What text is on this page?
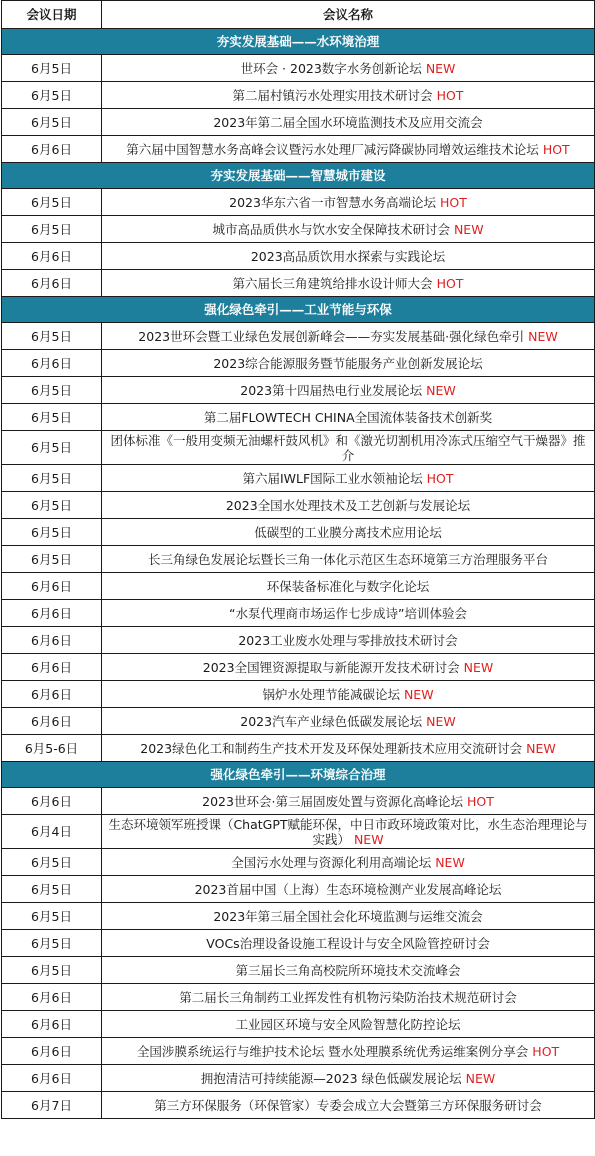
会议日期	会议名称
夯实发展基础——水环境治理	
6月5日	世环会 · 2023数字水务创新论坛 NEW
6月5日	第二届村镇污水处理实用技术研讨会 HOT
6月5日	2023年第二届全国水环境监测技术及应用交流会
6月6日	第六届中国智慧水务高峰会议暨污水处理厂减污降碳协同增效运维技术论坛 HOT
夯实发展基础——智慧城市建设	
6月5日	2023华东六省一市智慧水务高端论坛 HOT
6月5日	城市高品质供水与饮水安全保障技术研讨会 NEW
6月6日	2023高品质饮用水探索与实践论坛
6月6日	第六届长三角建筑给排水设计师大会 HOT
强化绿色牵引——工业节能与环保	
6月5日	2023世环会暨工业绿色发展创新峰会——夯实发展基础·强化绿色牵引 NEW
6月6日	2023综合能源服务暨节能服务产业创新发展论坛
6月5日	2023第十四届热电行业发展论坛 NEW
6月5日	第二届FLOWTECH CHINA全国流体装备技术创新奖
6月5日	团体标准《一般用变频无油螺杆鼓风机》和《激光切割机用冷冻式压缩空气干燥器》推介
6月5日	第六届IWLF国际工业水领袖论坛 HOT
6月5日	2023全国水处理技术及工艺创新与发展论坛
6月5日	低碳型的工业膜分离技术应用论坛
6月5日	长三角绿色发展论坛暨长三角一体化示范区生态环境第三方治理服务平台
6月6日	环保装备标准化与数字化论坛
6月6日	“水泵代理商市场运作七步成诗”培训体验会
6月6日	2023工业废水处理与零排放技术研讨会
6月6日	2023全国锂资源提取与新能源开发技术研讨会 NEW
6月6日	锅炉水处理节能减碳论坛 NEW
6月6日	2023汽车产业绿色低碳发展论坛 NEW
6月5-6日	2023绿色化工和制药生产技术开发及环保处理新技术应用交流研讨会 NEW
强化绿色牵引——环境综合治理	
6月6日	2023世环会·第三届固废处置与资源化高峰论坛 HOT
6月4日	生态环境领军班授课（ChatGPT赋能环保，中日市政环境政策对比，水生态治理理论与实践） NEW
6月5日	全国污水处理与资源化利用高端论坛 NEW
6月5日	2023首届中国（上海）生态环境检测产业发展高峰论坛
6月5日	2023年第三届全国社会化环境监测与运维交流会
6月5日	VOCs治理设备设施工程设计与安全风险管控研讨会
6月5日	第三届长三角高校院所环境技术交流峰会
6月6日	第二届长三角制药工业挥发性有机物污染防治技术规范研讨会
6月6日	工业园区环境与安全风险智慧化防控论坛
6月6日	全国涉膜系统运行与维护技术论坛 暨水处理膜系统优秀运维案例分享会 HOT
6月6日	拥抱清洁可持续能源—2023 绿色低碳发展论坛 NEW
6月7日	第三方环保服务（环保管家）专委会成立大会暨第三方环保服务研讨会
